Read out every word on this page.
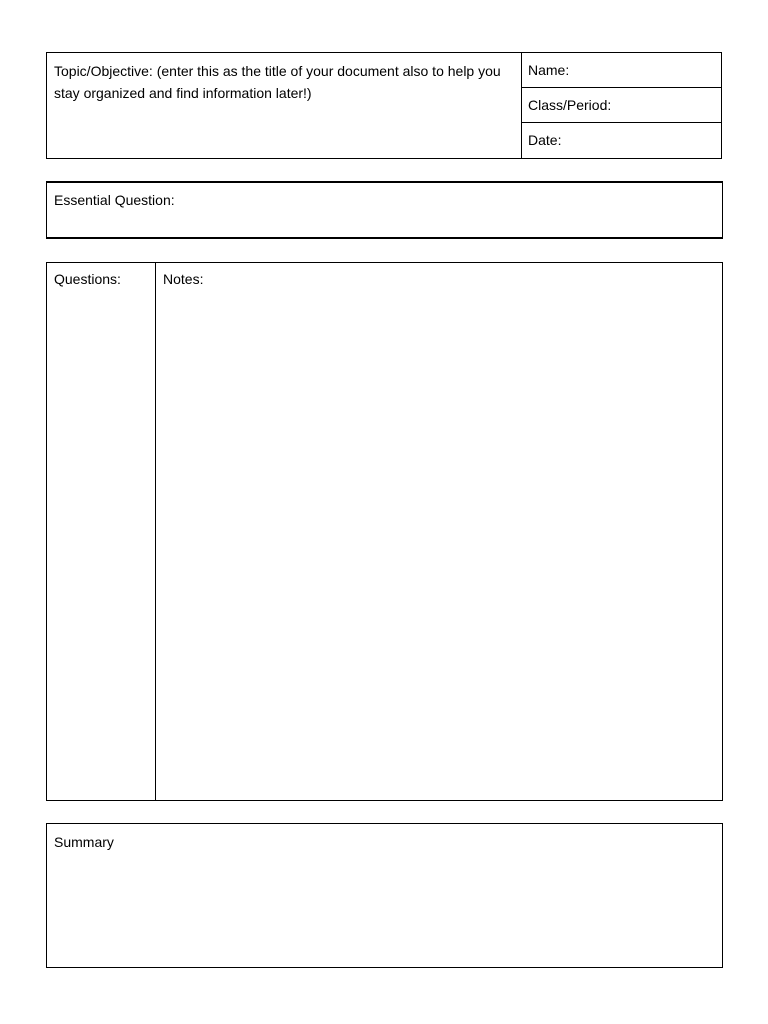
Topic/Objective: (enter this as the title of your document also to help you stay organized and find information later!)
Name:
Class/Period:
Date:
Essential Question:
Questions:	Notes:
Summary
